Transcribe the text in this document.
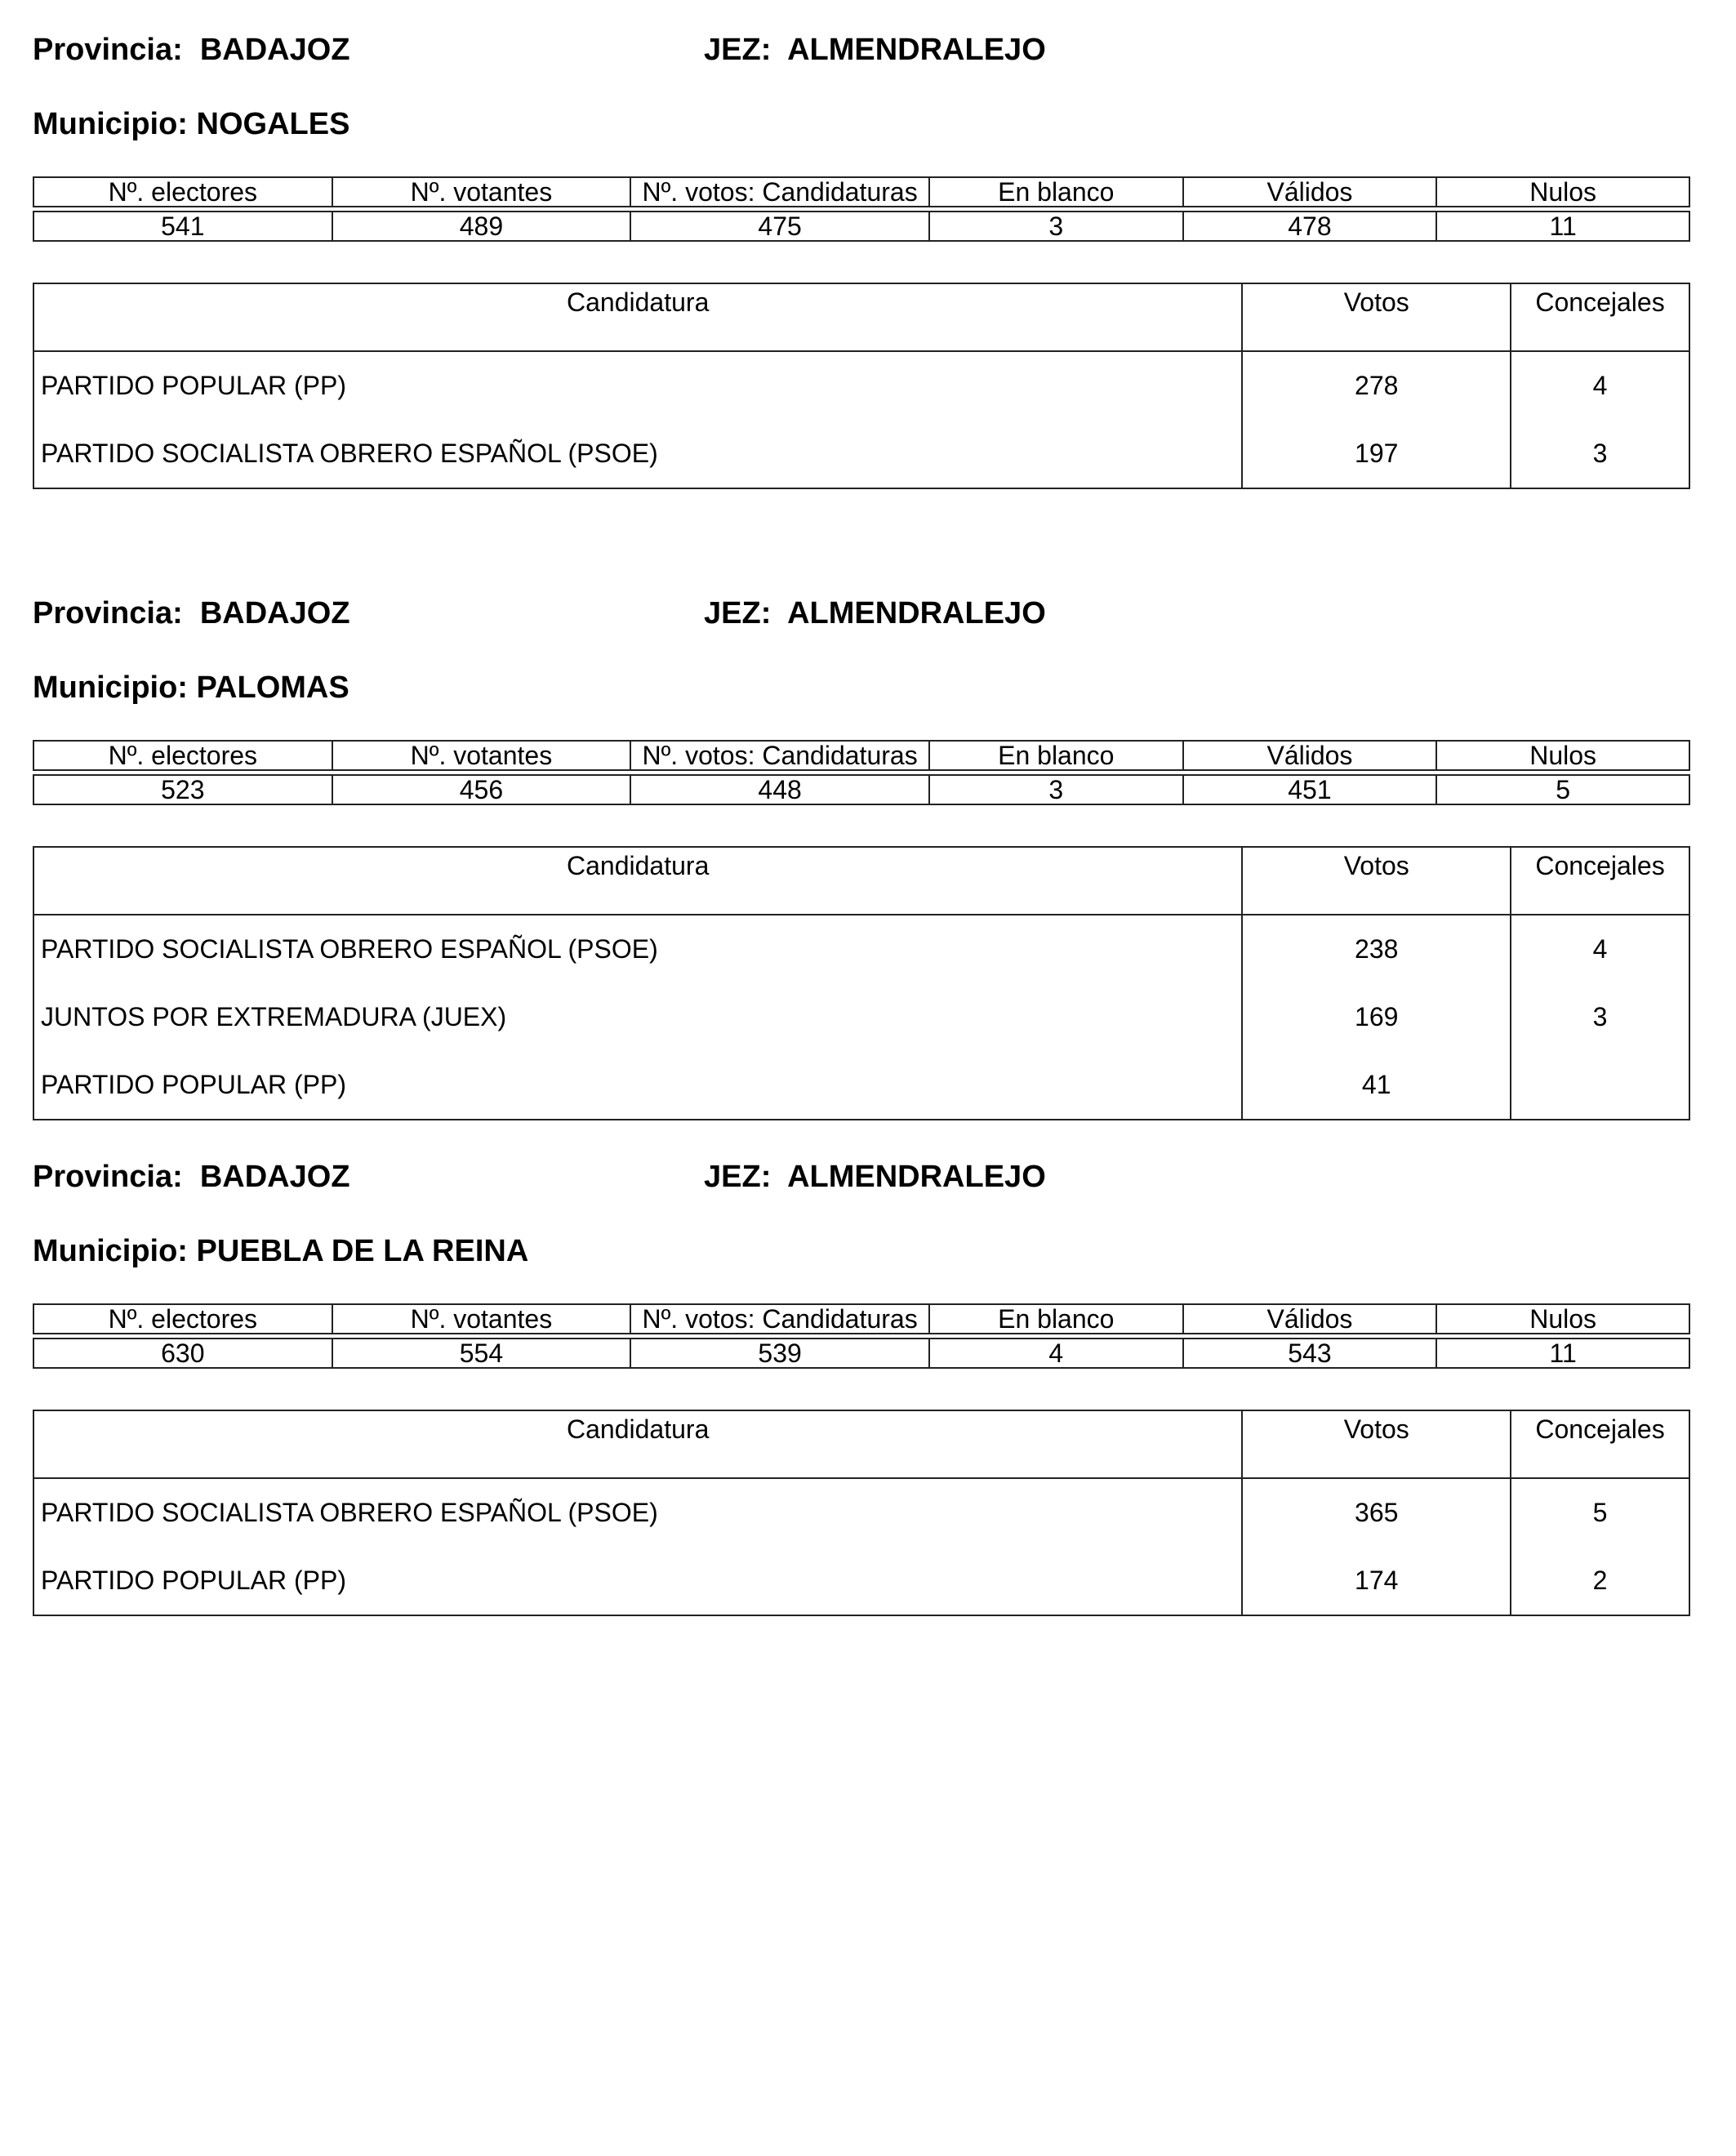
Provincia: BADAJOZ	JEZ: ALMENDRALEJO
Municipio: NOGALES
Nº. electores	Nº. votantes	Nº. votos: Candidaturas	En blanco	Válidos	Nulos

541	489	475	3	478	11
Candidatura	Votos	Concejales
PARTIDO POPULAR (PP)	278	4
PARTIDO SOCIALISTA OBRERO ESPAÑOL (PSOE)	197	3
Provincia: BADAJOZ	JEZ: ALMENDRALEJO
Municipio: PALOMAS
Nº. electores	Nº. votantes	Nº. votos: Candidaturas	En blanco	Válidos	Nulos

523	456	448	3	451	5
Candidatura	Votos	Concejales
PARTIDO SOCIALISTA OBRERO ESPAÑOL (PSOE)	238	4
JUNTOS POR EXTREMADURA (JUEX)	169	3
PARTIDO POPULAR (PP)	41	
Provincia: BADAJOZ	JEZ: ALMENDRALEJO
Municipio: PUEBLA DE LA REINA
Nº. electores	Nº. votantes	Nº. votos: Candidaturas	En blanco	Válidos	Nulos

630	554	539	4	543	11
Candidatura	Votos	Concejales
PARTIDO SOCIALISTA OBRERO ESPAÑOL (PSOE)	365	5
PARTIDO POPULAR (PP)	174	2
